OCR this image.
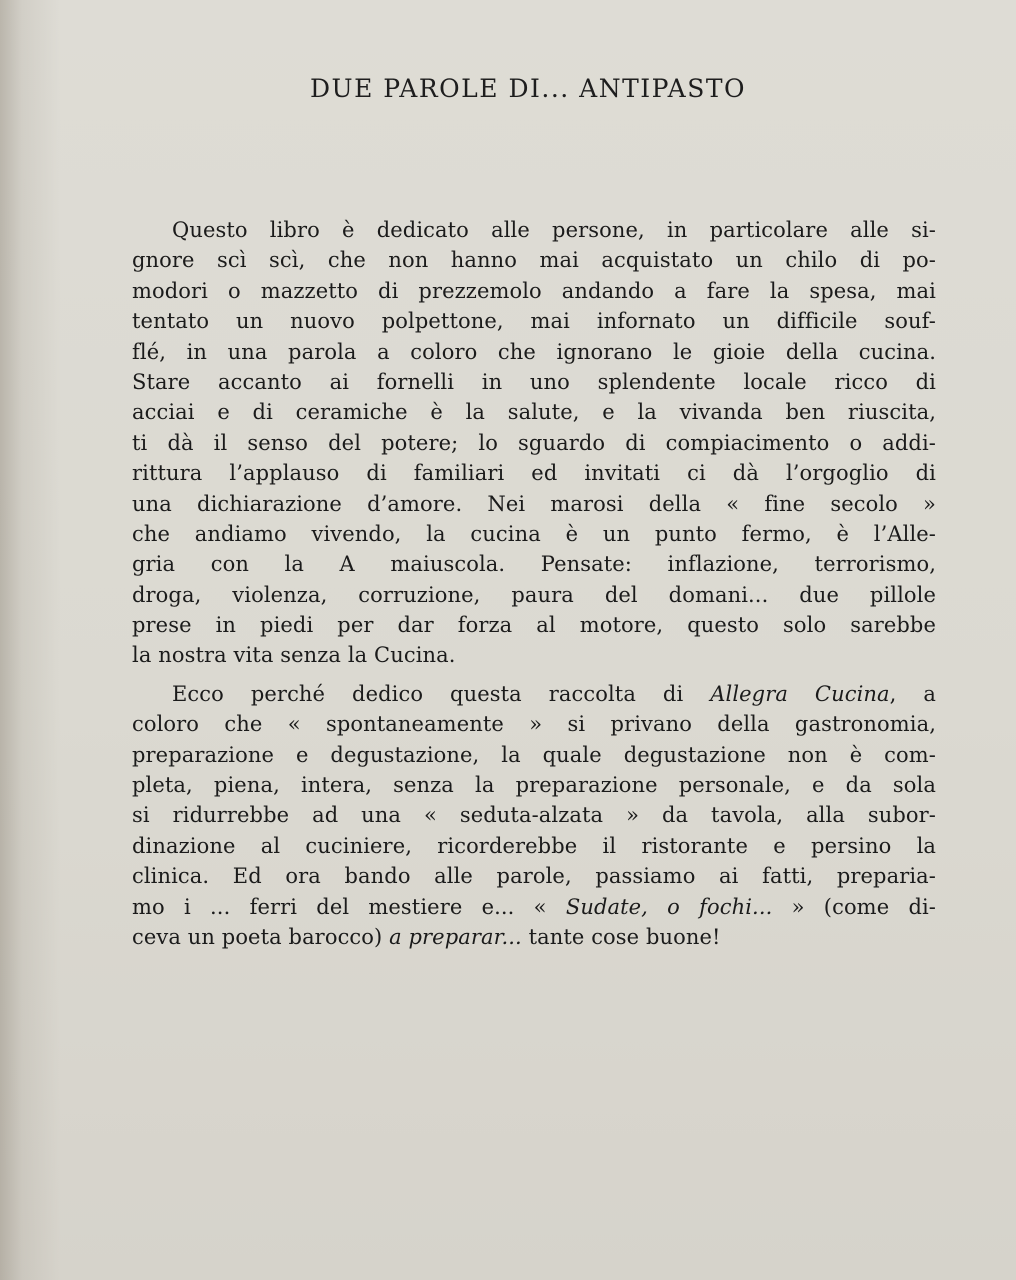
DUE PAROLE DI... ANTIPASTO

Questo libro è dedicato alle persone, in particolare alle si-
gnore scì scì, che non hanno mai acquistato un chilo di po-
modori o mazzetto di prezzemolo andando a fare la spesa, mai
tentato un nuovo polpettone, mai infornato un difficile souf-
flé, in una parola a coloro che ignorano le gioie della cucina.
Stare accanto ai fornelli in uno splendente locale ricco di
acciai e di ceramiche è la salute, e la vivanda ben riuscita,
ti dà il senso del potere; lo sguardo di compiacimento o addi-
rittura l’applauso di familiari ed invitati ci dà l’orgoglio di
una dichiarazione d’amore. Nei marosi della « fine secolo »
che andiamo vivendo, la cucina è un punto fermo, è l’Alle-
gria con la A maiuscola. Pensate: inflazione, terrorismo,
droga, violenza, corruzione, paura del domani... due pillole
prese in piedi per dar forza al motore, questo solo sarebbe
la nostra vita senza la Cucina.

Ecco perché dedico questa raccolta di Allegra Cucina, a
coloro che « spontaneamente » si privano della gastronomia,
preparazione e degustazione, la quale degustazione non è com-
pleta, piena, intera, senza la preparazione personale, e da sola
si ridurrebbe ad una « seduta-alzata » da tavola, alla subor-
dinazione al cuciniere, ricorderebbe il ristorante e persino la
clinica. Ed ora bando alle parole, passiamo ai fatti, preparia-
mo i ... ferri del mestiere e... « Sudate, o fochi... » (come di-
ceva un poeta barocco) a preparar... tante cose buone!
